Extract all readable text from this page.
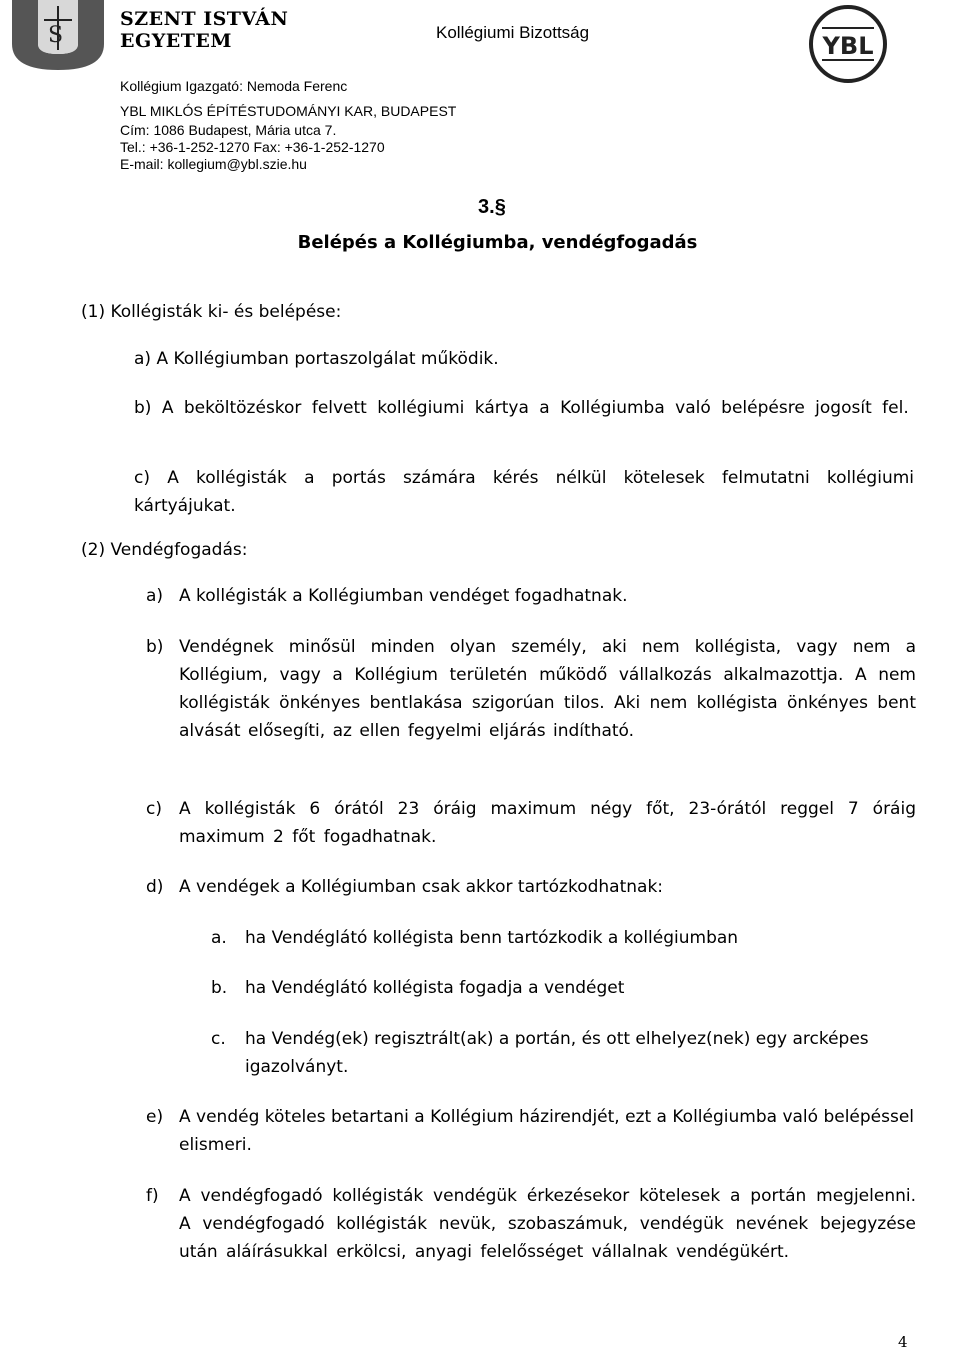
S
SZENT ISTVÁN
EGYETEM	Kollégiumi Bizottság	YBL
Kollégium Igazgató: Nemoda Ferenc
YBL MIKLÓS ÉPÍTÉSTUDOMÁNYI KAR, BUDAPEST
Cím: 1086 Budapest, Mária utca 7.
Tel.: +36-1-252-1270 Fax: +36-1-252-1270
E-mail: kollegium@ybl.szie.hu
3.§
Belépés a Kollégiumba, vendégfogadás
(1) Kollégisták ki- és belépése:
a) A Kollégiumban portaszolgálat működik.
b) A beköltözéskor felvett kollégiumi kártya a Kollégiumba való belépésre jogosít fel.
c) A kollégisták a portás számára kérés nélkül kötelesek felmutatni kollégiumi kártyájukat.
(2) Vendégfogadás:
a) A kollégisták a Kollégiumban vendéget fogadhatnak.
b) Vendégnek minősül minden olyan személy, aki nem kollégista, vagy nem a Kollégium, vagy a Kollégium területén működő vállalkozás alkalmazottja. A nem kollégisták önkényes bentlakása szigorúan tilos. Aki nem kollégista önkényes bent alvását elősegíti, az ellen fegyelmi eljárás indítható.
c) A kollégisták 6 órától 23 óráig maximum négy főt, 23-órától reggel 7 óráig maximum 2 főt fogadhatnak.
d) A vendégek a Kollégiumban csak akkor tartózkodhatnak:
a. ha Vendéglátó kollégista benn tartózkodik a kollégiumban
b. ha Vendéglátó kollégista fogadja a vendéget
c. ha Vendég(ek) regisztrált(ak) a portán, és ott elhelyez(nek) egy arcképes igazolványt.
e) A vendég köteles betartani a Kollégium házirendjét, ezt a Kollégiumba való belépéssel elismeri.
f) A vendégfogadó kollégisták vendégük érkezésekor kötelesek a portán megjelenni. A vendégfogadó kollégisták nevük, szobaszámuk, vendégük nevének bejegyzése után aláírásukkal erkölcsi, anyagi felelősséget vállalnak vendégükért.
4
